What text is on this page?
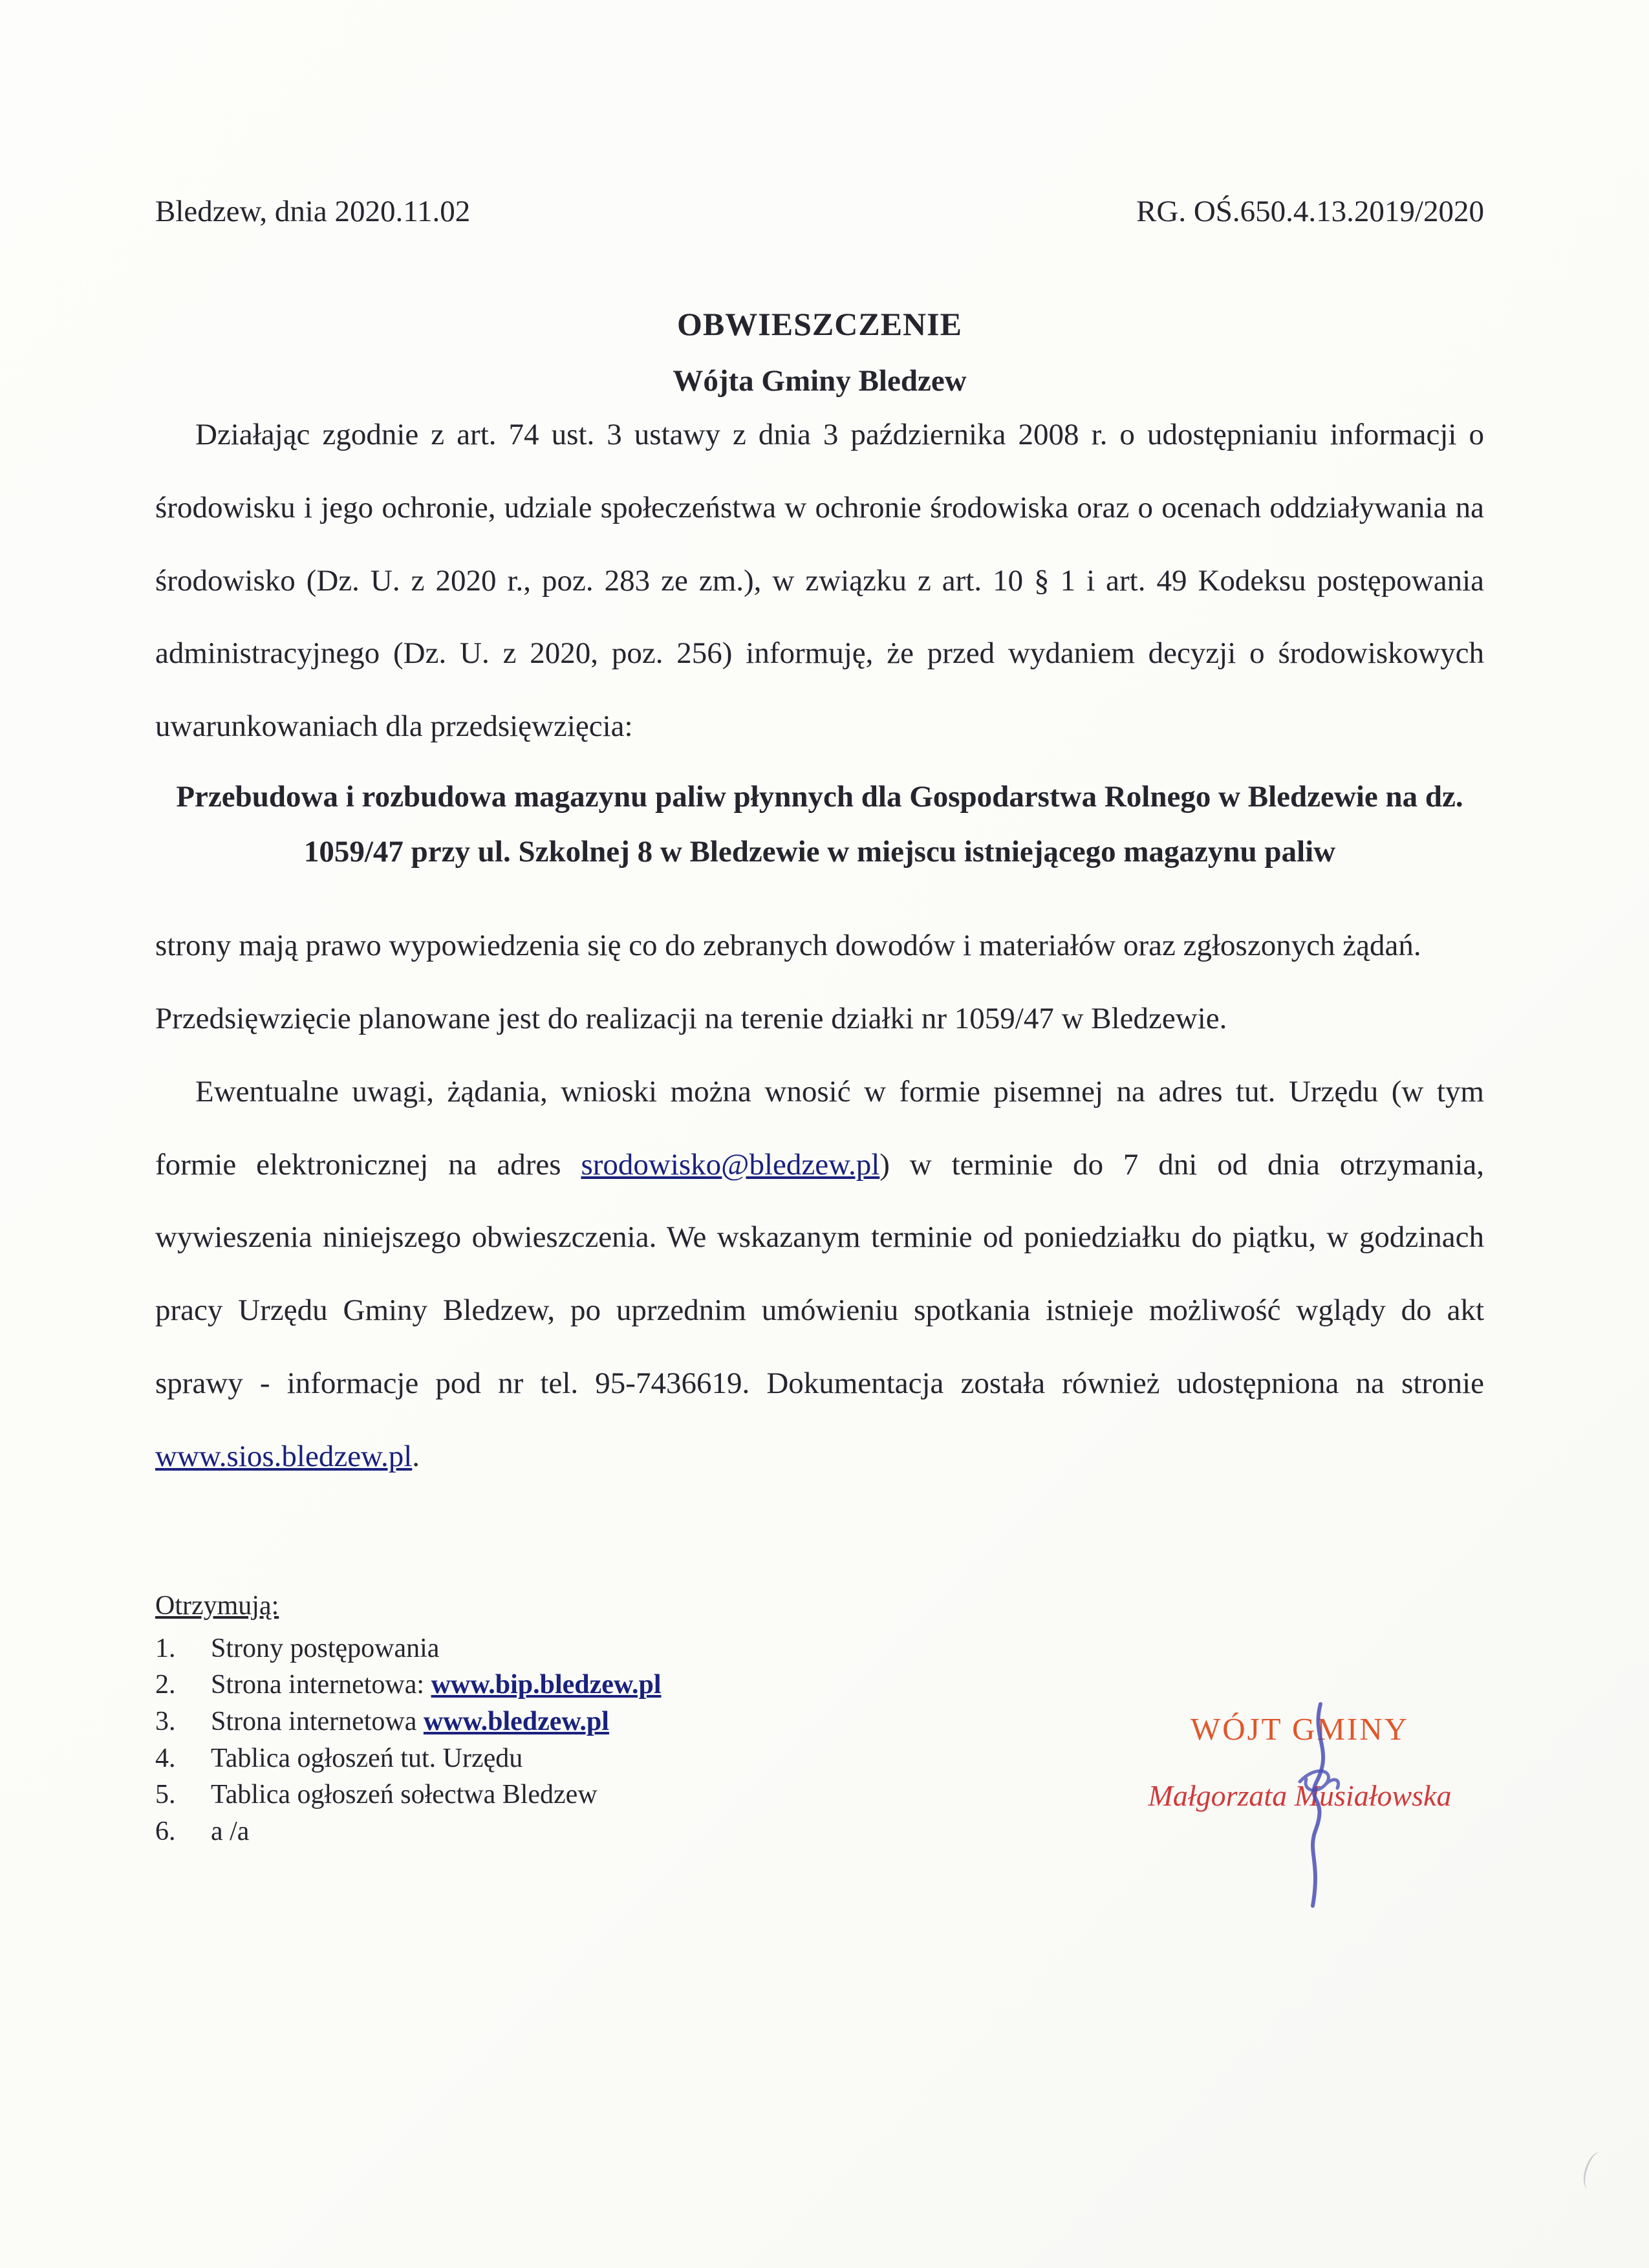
Bledzew, dnia 2020.11.02	RG. OŚ.650.4.13.2019/2020
OBWIESZCZENIE
Wójta Gminy Bledzew

Działając zgodnie z art. 74 ust. 3 ustawy z dnia 3 października 2008 r. o udostępnianiu informacji o środowisku i jego ochronie, udziale społeczeństwa w ochronie środowiska oraz o ocenach oddziaływania na środowisko (Dz. U. z 2020 r., poz. 283 ze zm.), w związku z art. 10 § 1 i art. 49 Kodeksu postępowania administracyjnego (Dz. U. z 2020, poz. 256) informuję, że przed wydaniem decyzji o środowiskowych uwarunkowaniach dla przedsięwzięcia:

Przebudowa i rozbudowa magazynu paliw płynnych dla Gospodarstwa Rolnego w Bledzewie na dz. 1059/47 przy ul. Szkolnej 8 w Bledzewie w miejscu istniejącego magazynu paliw

strony mają prawo wypowiedzenia się co do zebranych dowodów i materiałów oraz zgłoszonych żądań.

Przedsięwzięcie planowane jest do realizacji na terenie działki nr 1059/47 w Bledzewie.

Ewentualne uwagi, żądania, wnioski można wnosić w formie pisemnej na adres tut. Urzędu (w tym formie elektronicznej na adres srodowisko@bledzew.pl) w terminie do 7 dni od dnia otrzymania, wywieszenia niniejszego obwieszczenia. We wskazanym terminie od poniedziałku do piątku, w godzinach pracy Urzędu Gminy Bledzew, po uprzednim umówieniu spotkania istnieje możliwość wglądy do akt sprawy - informacje pod nr tel. 95-7436619. Dokumentacja została również udostępniona na stronie www.sios.bledzew.pl.

Otrzymują:
1.	Strony postępowania
2.	Strona internetowa: www.bip.bledzew.pl
3.	Strona internetowa www.bledzew.pl
4.	Tablica ogłoszeń tut. Urzędu
5.	Tablica ogłoszeń sołectwa Bledzew
6.	a /a
WÓJT GMINY
Małgorzata Musiałowska
